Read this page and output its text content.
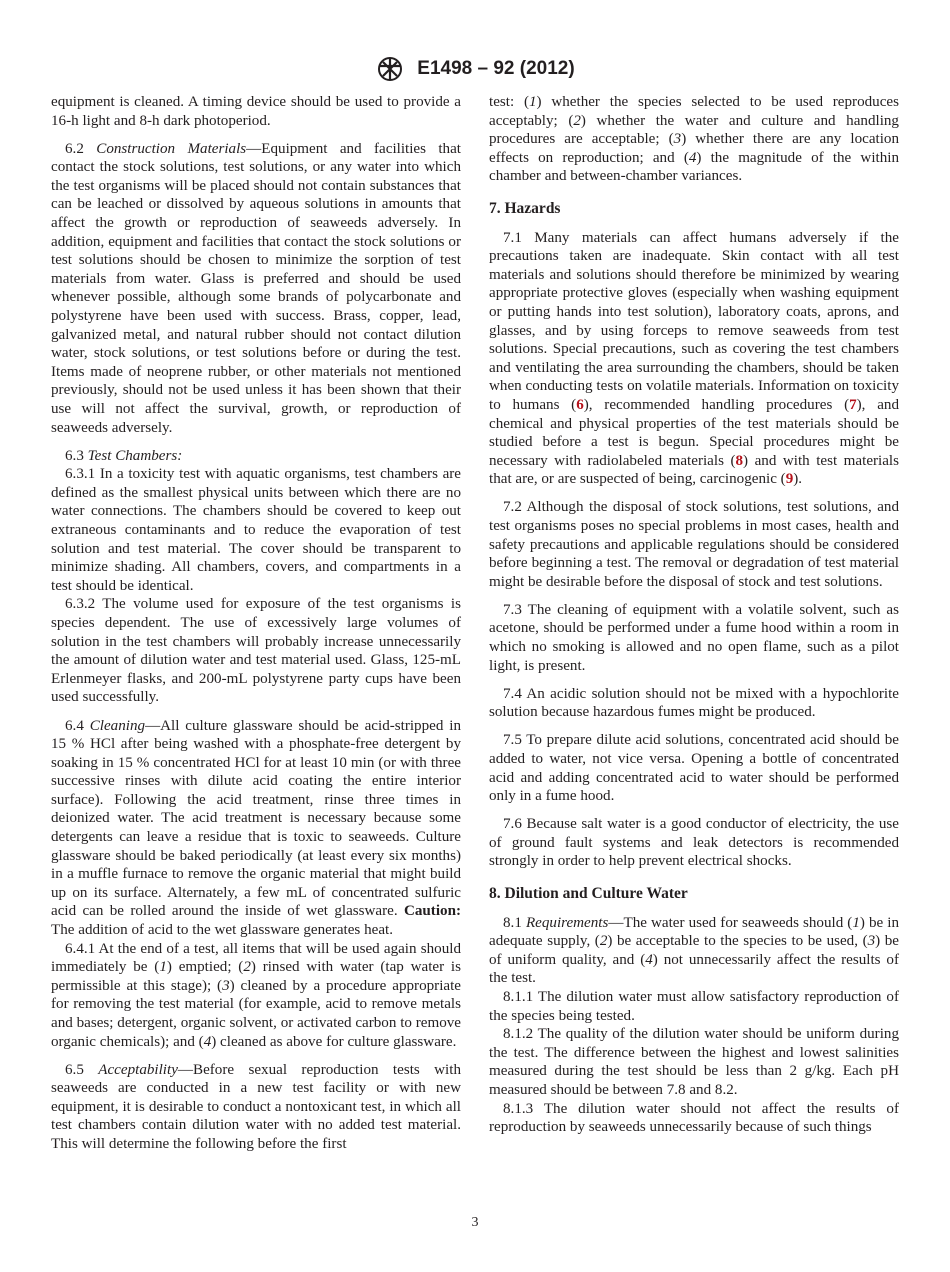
E1498 – 92 (2012)

equipment is cleaned. A timing device should be used to provide a 16-h light and 8-h dark photoperiod.

6.2 Construction Materials—Equipment and facilities that contact the stock solutions, test solutions, or any water into which the test organisms will be placed should not contain substances that can be leached or dissolved by aqueous solutions in amounts that affect the growth or reproduction of seaweeds adversely. In addition, equipment and facilities that contact the stock solutions or test solutions should be chosen to minimize the sorption of test materials from water. Glass is preferred and should be used whenever possible, although some brands of polycarbonate and polystyrene have been used with success. Brass, copper, lead, galvanized metal, and natural rubber should not contact dilution water, stock solutions, or test solutions before or during the test. Items made of neoprene rubber, or other materials not mentioned previously, should not be used unless it has been shown that their use will not affect the survival, growth, or reproduction of seaweeds adversely.

6.3 Test Chambers:

6.3.1 In a toxicity test with aquatic organisms, test chambers are defined as the smallest physical units between which there are no water connections. The chambers should be covered to keep out extraneous contaminants and to reduce the evaporation of test solution and test material. The cover should be transparent to minimize shading. All chambers, covers, and compartments in a test should be identical.

6.3.2 The volume used for exposure of the test organisms is species dependent. The use of excessively large volumes of solution in the test chambers will probably increase unnecessarily the amount of dilution water and test material used. Glass, 125-mL Erlenmeyer flasks, and 200-mL polystyrene party cups have been used successfully.

6.4 Cleaning—All culture glassware should be acid-stripped in 15 % HCl after being washed with a phosphate-free detergent by soaking in 15 % concentrated HCl for at least 10 min (or with three successive rinses with dilute acid coating the entire interior surface). Following the acid treatment, rinse three times in deionized water. The acid treatment is necessary because some detergents can leave a residue that is toxic to seaweeds. Culture glassware should be baked periodically (at least every six months) in a muffle furnace to remove the organic material that might build up on its surface. Alternately, a few mL of concentrated sulfuric acid can be rolled around the inside of wet glassware. Caution: The addition of acid to the wet glassware generates heat.

6.4.1 At the end of a test, all items that will be used again should immediately be (1) emptied; (2) rinsed with water (tap water is permissible at this stage); (3) cleaned by a procedure appropriate for removing the test material (for example, acid to remove metals and bases; detergent, organic solvent, or activated carbon to remove organic chemicals); and (4) cleaned as above for culture glassware.

6.5 Acceptability—Before sexual reproduction tests with seaweeds are conducted in a new test facility or with new equipment, it is desirable to conduct a nontoxicant test, in which all test chambers contain dilution water with no added test material. This will determine the following before the first

test: (1) whether the species selected to be used reproduces acceptably; (2) whether the water and culture and handling procedures are acceptable; (3) whether there are any location effects on reproduction; and (4) the magnitude of the within chamber and between-chamber variances.

7. Hazards

7.1 Many materials can affect humans adversely if the precautions taken are inadequate. Skin contact with all test materials and solutions should therefore be minimized by wearing appropriate protective gloves (especially when washing equipment or putting hands into test solution), laboratory coats, aprons, and glasses, and by using forceps to remove seaweeds from test solutions. Special precautions, such as covering the test chambers and ventilating the area surrounding the chambers, should be taken when conducting tests on volatile materials. Information on toxicity to humans (6), recommended handling procedures (7), and chemical and physical properties of the test materials should be studied before a test is begun. Special procedures might be necessary with radiolabeled materials (8) and with test materials that are, or are suspected of being, carcinogenic (9).

7.2 Although the disposal of stock solutions, test solutions, and test organisms poses no special problems in most cases, health and safety precautions and applicable regulations should be considered before beginning a test. The removal or degradation of test material might be desirable before the disposal of stock and test solutions.

7.3 The cleaning of equipment with a volatile solvent, such as acetone, should be performed under a fume hood within a room in which no smoking is allowed and no open flame, such as a pilot light, is present.

7.4 An acidic solution should not be mixed with a hypochlorite solution because hazardous fumes might be produced.

7.5 To prepare dilute acid solutions, concentrated acid should be added to water, not vice versa. Opening a bottle of concentrated acid and adding concentrated acid to water should be performed only in a fume hood.

7.6 Because salt water is a good conductor of electricity, the use of ground fault systems and leak detectors is recommended strongly in order to help prevent electrical shocks.

8. Dilution and Culture Water

8.1 Requirements—The water used for seaweeds should (1) be in adequate supply, (2) be acceptable to the species to be used, (3) be of uniform quality, and (4) not unnecessarily affect the results of the test.

8.1.1 The dilution water must allow satisfactory reproduction of the species being tested.

8.1.2 The quality of the dilution water should be uniform during the test. The difference between the highest and lowest salinities measured during the test should be less than 2 g/kg. Each pH measured should be between 7.8 and 8.2.

8.1.3 The dilution water should not affect the results of reproduction by seaweeds unnecessarily because of such things

3
